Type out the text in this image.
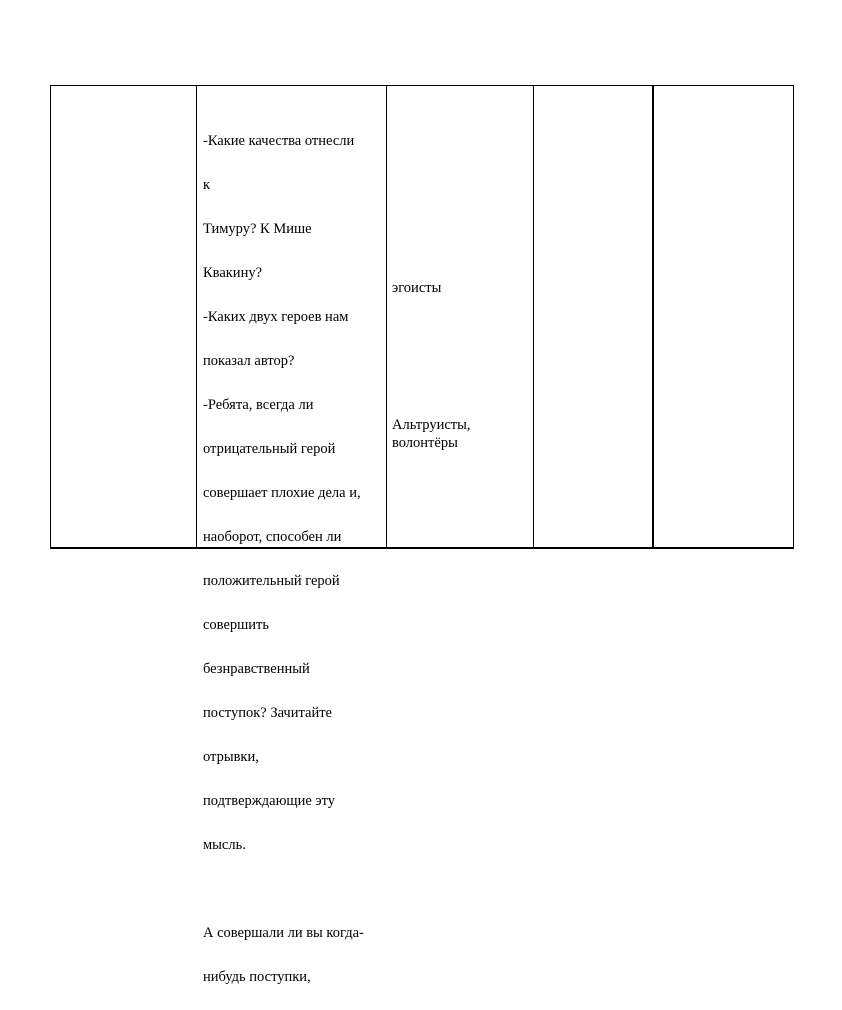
-Какие качества отнесли

к

Тимуру? К Мише

Квакину?

-Каких двух героев нам

показал автор?

-Ребята, всегда ли

отрицательный герой

совершает плохие дела и,

наоборот, способен ли

положительный герой

совершить

безнравственный

поступок? Зачитайте

отрывки,

подтверждающие эту

мысль.

А совершали ли вы когда-

нибудь поступки,

эгоисты
Альтруисты,
волонтёры
